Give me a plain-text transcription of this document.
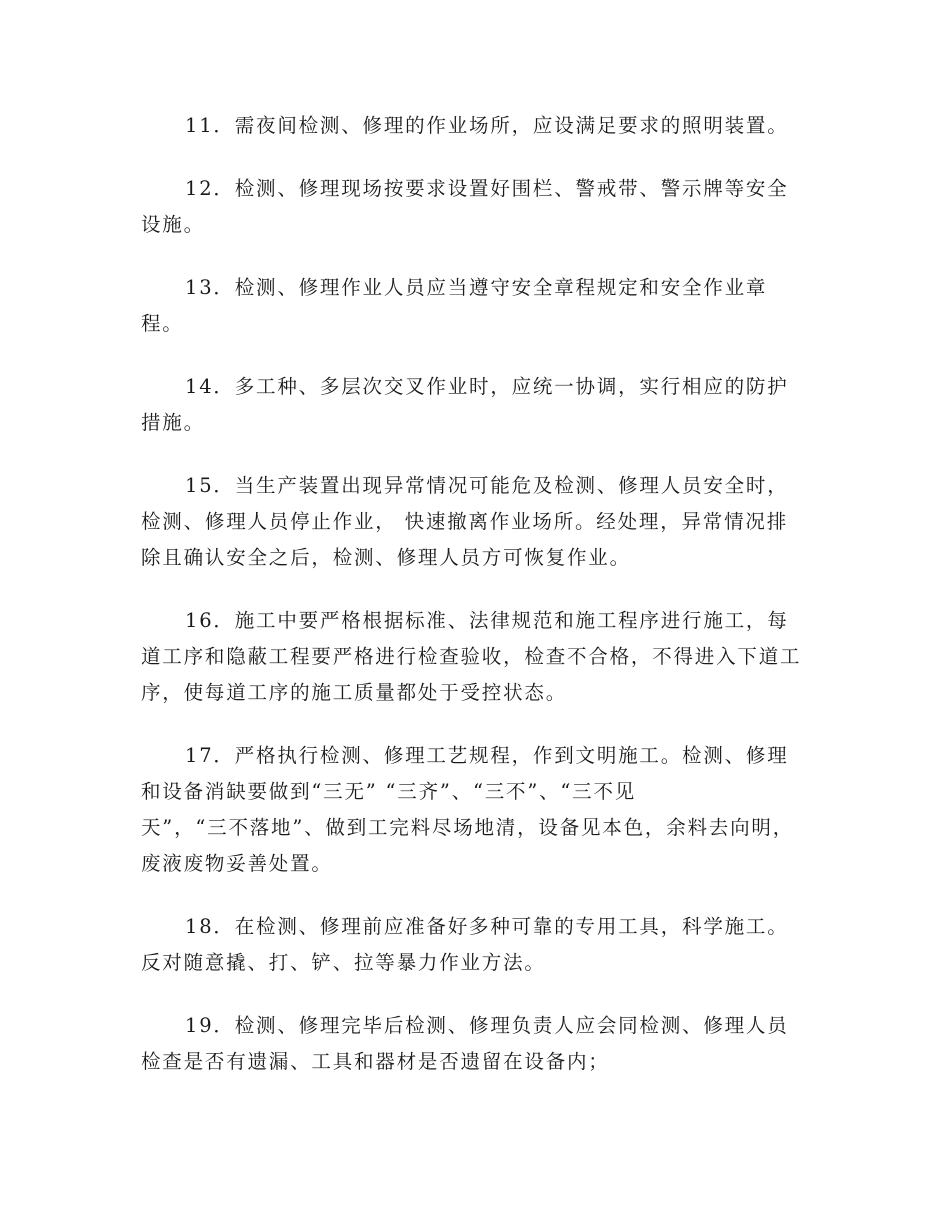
11．需夜间检测、修理的作业场所，应设满足要求的照明装置。

12．检测、修理现场按要求设置好围栏、警戒带、警示牌等安全设施。

13．检测、修理作业人员应当遵守安全章程规定和安全作业章
程。

14．多工种、多层次交叉作业时，应统一协调，实行相应的防护措施。

15．当生产装置出现异常情况可能危及检测、修理人员安全时，检测、修理人员停止作业， 快速撤离作业场所。经处理，异常情况排除且确认安全之后，检测、修理人员方可恢复作业。

16．施工中要严格根据标准、法律规范和施工程序进行施工，每道工序和隐蔽工程要严格进行检查验收，检查不合格，不得进入下道工序，使每道工序的施工质量都处于受控状态。

17．严格执行检测、修理工艺规程，作到文明施工。检测、修理和设备消缺要做到“三无” “三齐”、“三不”、“三不见
天”，“三不落地”、做到工完料尽场地清，设备见本色，余料去向明，废液废物妥善处置。

18．在检测、修理前应准备好多种可靠的专用工具，科学施工。反对随意撬、打、铲、拉等暴力作业方法。

19．检测、修理完毕后检测、修理负责人应会同检测、修理人员检查是否有遗漏、工具和器材是否遗留在设备内；
